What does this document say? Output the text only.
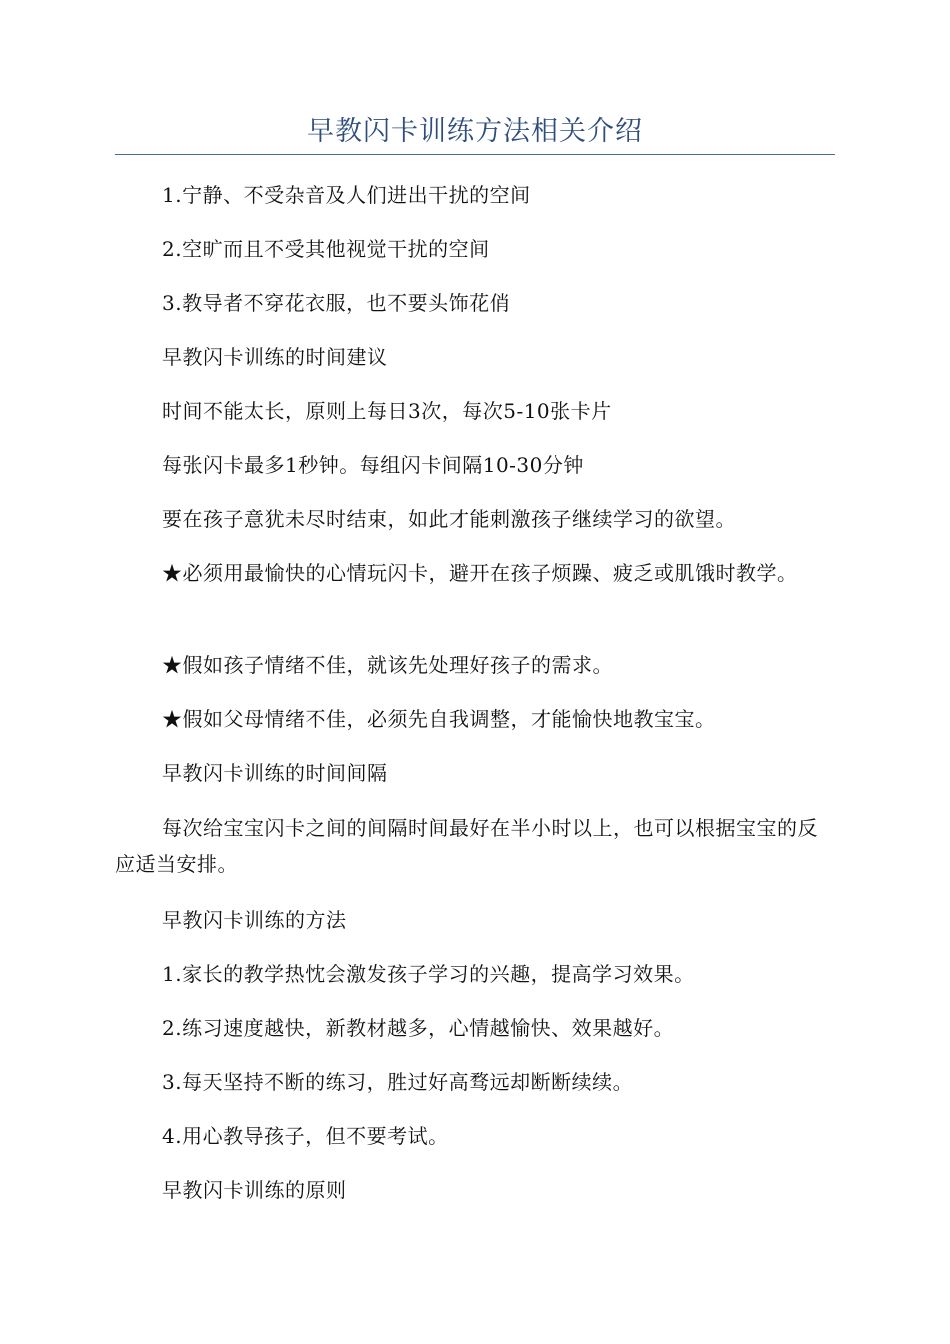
早教闪卡训练方法相关介绍

1.宁静、不受杂音及人们进出干扰的空间

2.空旷而且不受其他视觉干扰的空间

3.教导者不穿花衣服，也不要头饰花俏

早教闪卡训练的时间建议

时间不能太长，原则上每日3次，每次5-10张卡片

每张闪卡最多1秒钟。每组闪卡间隔10-30分钟

要在孩子意犹未尽时结束，如此才能刺激孩子继续学习的欲望。

★必须用最愉快的心情玩闪卡，避开在孩子烦躁、疲乏或肌饿时教学。

★假如孩子情绪不佳，就该先处理好孩子的需求。

★假如父母情绪不佳，必须先自我调整，才能愉快地教宝宝。

早教闪卡训练的时间间隔

每次给宝宝闪卡之间的间隔时间最好在半小时以上，也可以根据宝宝的反应适当安排。

早教闪卡训练的方法

1.家长的教学热忱会激发孩子学习的兴趣，提高学习效果。

2.练习速度越快，新教材越多，心情越愉快、效果越好。

3.每天坚持不断的练习，胜过好高骛远却断断续续。

4.用心教导孩子，但不要考试。

早教闪卡训练的原则
